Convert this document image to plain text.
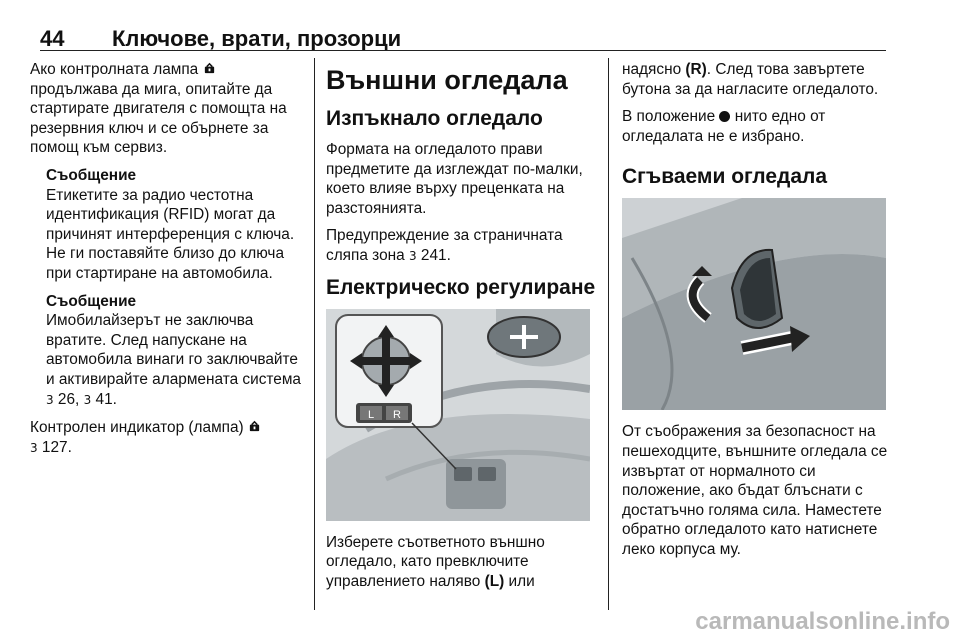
44 Ключове, врати, прозорци

Ако контролната лампа  продължава да мига, опитайте да стартирате двигателя с помощта на резервния ключ и се обърнете за помощ към сервиз.

Съобщение
Етикетите за радио честотна идентификация (RFID) могат да причинят интерференция с ключа. Не ги поставяйте близо до ключа при стартиране на автомобила.
Съобщение
Имобилайзерът не заключва вратите. След напускане на автомобила винаги го заключвайте и активирайте алармената система 3 26, 3 41.

Контролен индикатор (лампа)
3 127.

Външни огледала
Изпъкнало огледало

Формата на огледалото прави предметите да изглеждат по-малки, което влияе върху преценката на разстоянията.

Предупреждение за страничната сляпа зона 3 241.

Електрическо регулиране
L R

Изберете съответното външно огледало, като превключите управлението наляво (L) или

надясно (R). След това завъртете бутона за да нагласите огледалото.

В положение нито едно от огледалата не е избрано.

Сгъваеми огледала

От съображения за безопасност на пешеходците, външните огледала се извъртат от нормалното си положение, ако бъдат блъснати с достатъчно голяма сила. Наместете обратно огледалото като натиснете леко корпуса му.

carmanualsonline.info
